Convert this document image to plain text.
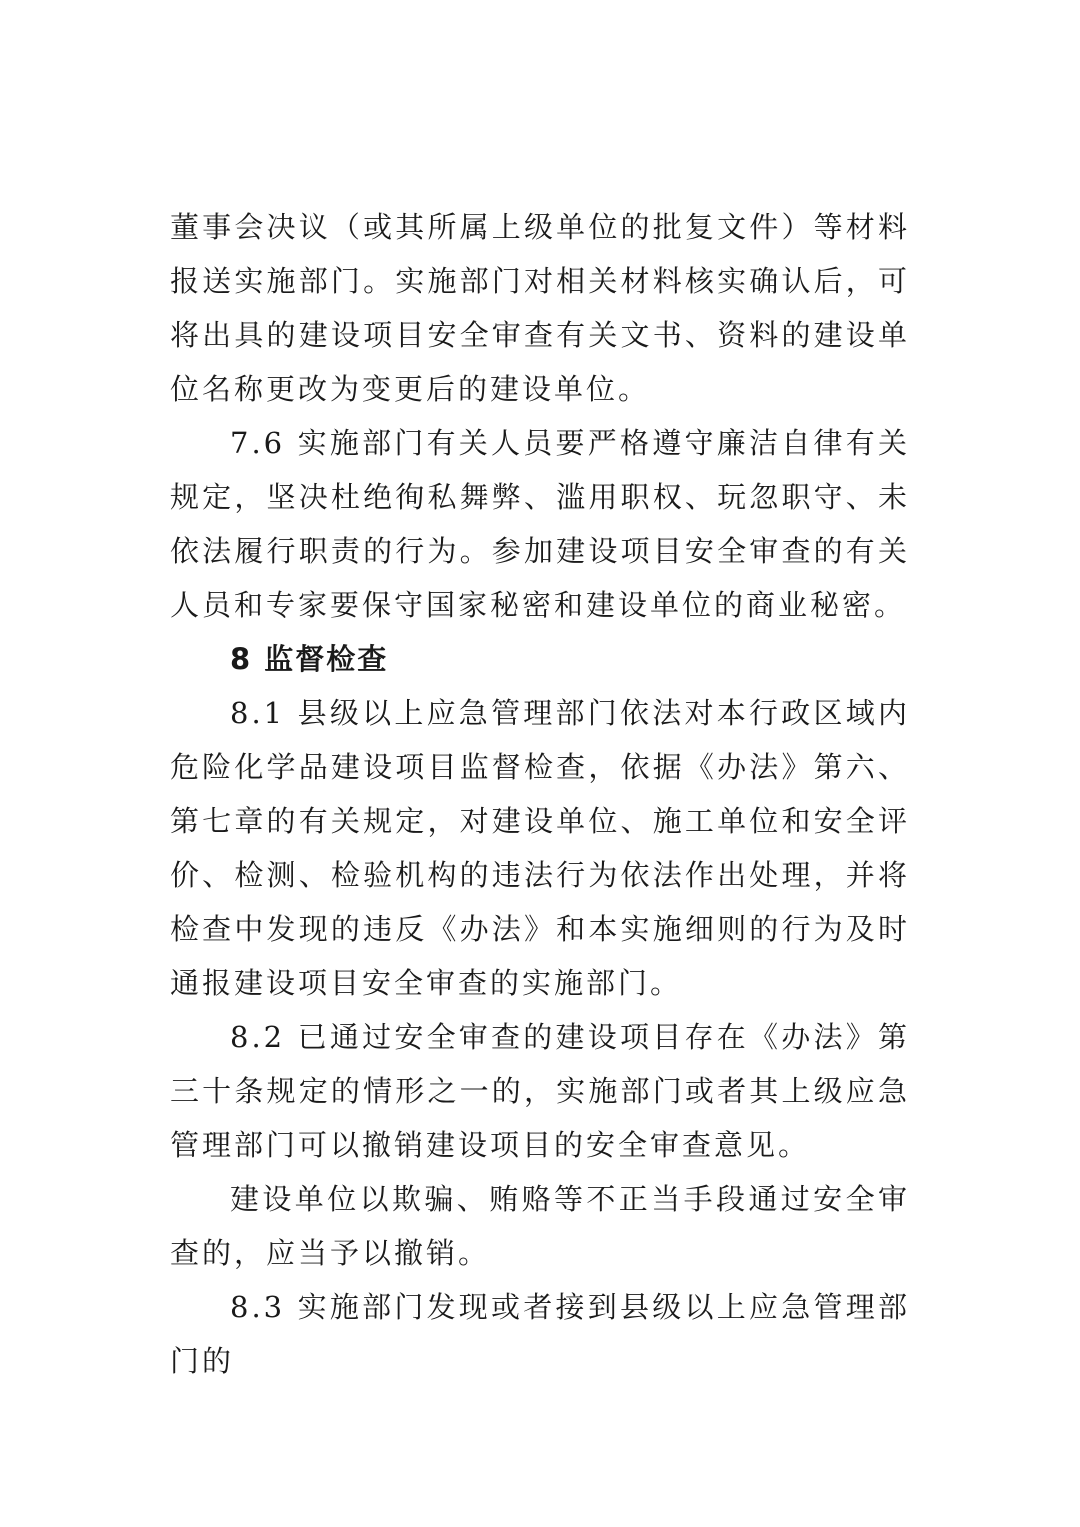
董事会决议（或其所属上级单位的批复文件）等材料报送实施部门。实施部门对相关材料核实确认后，可将出具的建设项目安全审查有关文书、资料的建设单位名称更改为变更后的建设单位。

7.6 实施部门有关人员要严格遵守廉洁自律有关规定，坚决杜绝徇私舞弊、滥用职权、玩忽职守、未依法履行职责的行为。参加建设项目安全审查的有关人员和专家要保守国家秘密和建设单位的商业秘密。

8 监督检查

8.1 县级以上应急管理部门依法对本行政区域内危险化学品建设项目监督检查，依据《办法》第六、第七章的有关规定，对建设单位、施工单位和安全评价、检测、检验机构的违法行为依法作出处理，并将检查中发现的违反《办法》和本实施细则的行为及时通报建设项目安全审查的实施部门。

8.2 已通过安全审查的建设项目存在《办法》第三十条规定的情形之一的，实施部门或者其上级应急管理部门可以撤销建设项目的安全审查意见。

建设单位以欺骗、贿赂等不正当手段通过安全审查的，应当予以撤销。

8.3 实施部门发现或者接到县级以上应急管理部门的
